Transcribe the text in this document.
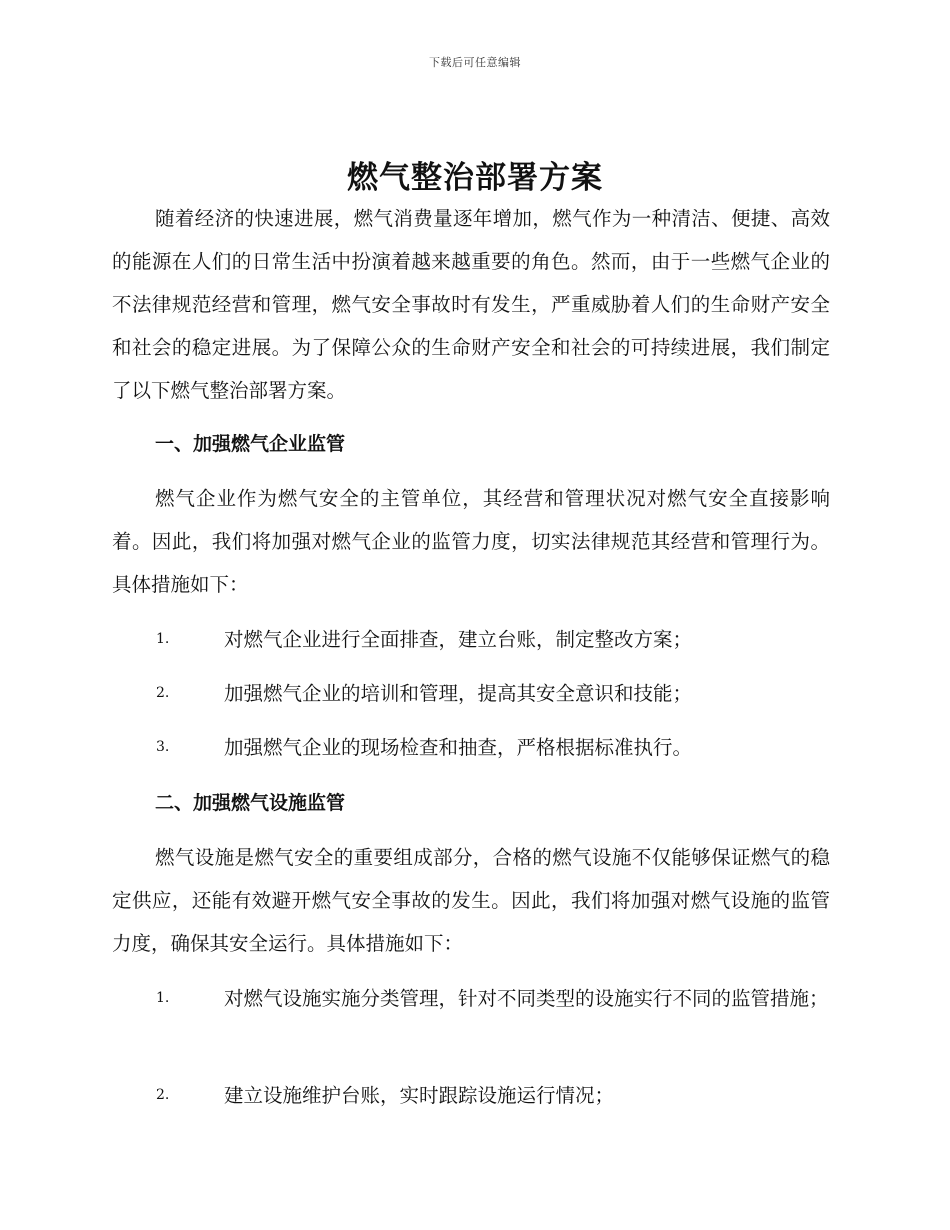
下载后可任意编辑
燃气整治部署方案

随着经济的快速进展，燃气消费量逐年增加，燃气作为一种清洁、便捷、高效的能源在人们的日常生活中扮演着越来越重要的角色。然而，由于一些燃气企业的不法律规范经营和管理，燃气安全事故时有发生，严重威胁着人们的生命财产安全和社会的稳定进展。为了保障公众的生命财产安全和社会的可持续进展，我们制定了以下燃气整治部署方案。

一、加强燃气企业监管

燃气企业作为燃气安全的主管单位，其经营和管理状况对燃气安全直接影响着。因此，我们将加强对燃气企业的监管力度，切实法律规范其经营和管理行为。具体措施如下：

1.	对燃气企业进行全面排查，建立台账，制定整改方案；
2.	加强燃气企业的培训和管理，提高其安全意识和技能；
3.	加强燃气企业的现场检查和抽查，严格根据标准执行。
二、加强燃气设施监管

燃气设施是燃气安全的重要组成部分，合格的燃气设施不仅能够保证燃气的稳定供应，还能有效避开燃气安全事故的发生。因此，我们将加强对燃气设施的监管力度，确保其安全运行。具体措施如下：

1.	对燃气设施实施分类管理，针对不同类型的设施实行不同的监管措施；
2.	建立设施维护台账，实时跟踪设施运行情况；
